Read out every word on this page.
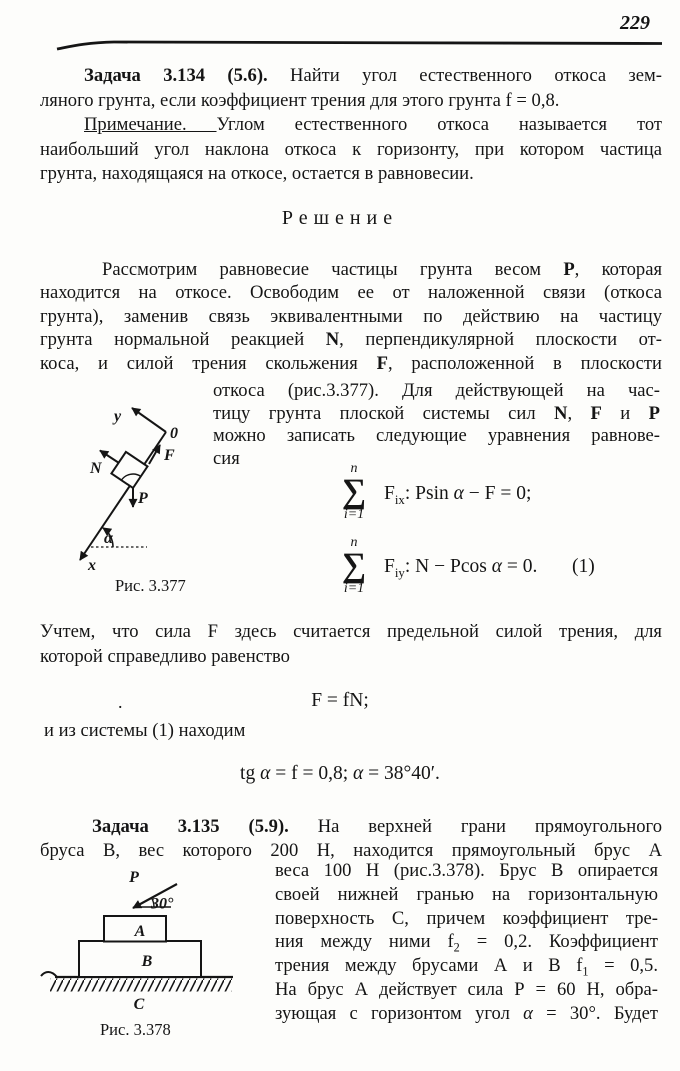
229
Задача 3.134 (5.6). Найти угол естественного откоса зем-
ляного грунта, если коэффициент трения для этого грунта f = 0,8.
Примечание. Углом естественного откоса называется тот
наибольший угол наклона откоса к горизонту, при котором частица
грунта, находящаяся на откосе, остается в равновесии.
Решение
Рассмотрим равновесие частицы грунта весом Р, которая
находится на откосе. Освободим ее от наложенной связи (откоса
грунта), заменив связь эквивалентными по действию на частицу
грунта нормальной реакцией N, перпендикулярной плоскости от-
коса, и силой трения скольжения F, расположенной в плоскости
откоса (рис.3.377). Для действующей на час-
тицу грунта плоской системы сил N, F и Р
можно записать следующие уравнения равнове-
сия
y
0
N
F
P
α
x
Рис. 3.377
n
∑
i=1
$F_{ix}$: Psin α − F = 0;
n
∑
i=1
$F_{iy}$: N − Pcos α = 0. (1)
Учтем, что сила F здесь считается предельной силой трения, для
которой справедливо равенство
.	F = fN;
и из системы (1) находим
tg α = f = 0,8; α = 38°40′.
Задача 3.135 (5.9). На верхней грани прямоугольного
бруса В, вес которого 200 Н, находится прямоугольный брус А
веса 100 Н (рис.3.378). Брус В опирается
своей нижней гранью на горизонтальную
поверхность С, причем коэффициент тре-
ния между ними $f_2 = 0,2$. Коэффициент
трения между брусами А и В $f_1 = 0,5$.
На брус А действует сила Р = 60 Н, обра-
зующая с горизонтом угол α = 30°. Будет
P
30°
A
B
C
Рис. 3.378
